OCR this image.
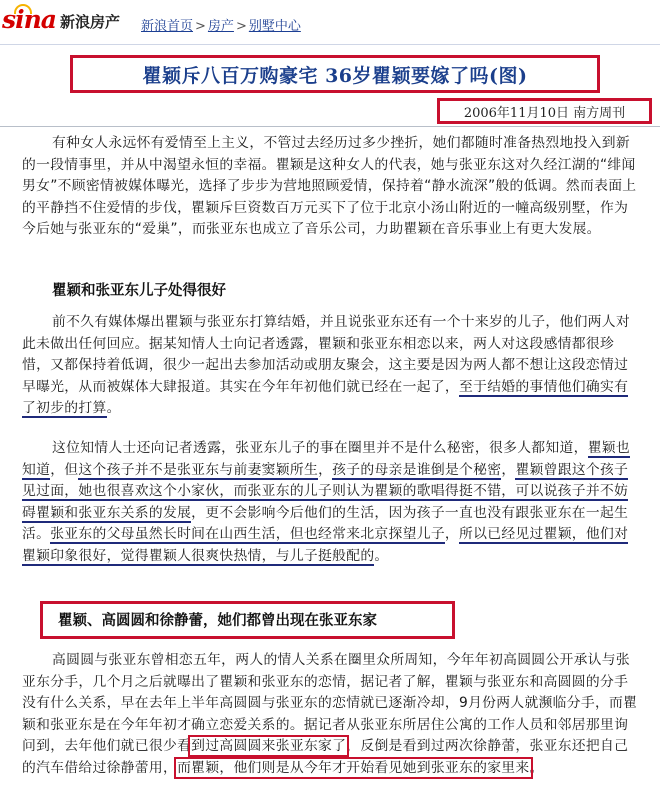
sina 新浪房产 新浪首页 > 房产 > 别墅中心
瞿颖斥八百万购豪宅 36岁瞿颖要嫁了吗(图)
2006年11月10日 南方周刊

有种女人永远怀有爱情至上主义，不管过去经历过多少挫折，她们都随时准备热烈地投入到新的一段情事里，并从中渴望永恒的幸福。瞿颖是这种女人的代表，她与张亚东这对久经江湖的“绯闻男女”不顾密情被媒体曝光，选择了步步为营地照顾爱情，保持着“静水流深”般的低调。然而表面上的平静挡不住爱情的步伐，瞿颖斥巨资数百万元买下了位于北京小汤山附近的一幢高级别墅，作为今后她与张亚东的“爱巢”，而张亚东也成立了音乐公司，力助瞿颖在音乐事业上有更大发展。

瞿颖和张亚东儿子处得很好

前不久有媒体爆出瞿颖与张亚东打算结婚，并且说张亚东还有一个十来岁的儿子，他们两人对此未做出任何回应。据某知情人士向记者透露，瞿颖和张亚东相恋以来，两人对这段感情都很珍惜，又都保持着低调，很少一起出去参加活动或朋友聚会，这主要是因为两人都不想让这段恋情过早曝光，从而被媒体大肆报道。其实在今年年初他们就已经在一起了，至于结婚的事情他们确实有了初步的打算。

这位知情人士还向记者透露，张亚东儿子的事在圈里并不是什么秘密，很多人都知道，瞿颖也知道，但这个孩子并不是张亚东与前妻窦颖所生，孩子的母亲是谁倒是个秘密，瞿颖曾跟这个孩子见过面，她也很喜欢这个小家伙，而张亚东的儿子则认为瞿颖的歌唱得挺不错，可以说孩子并不妨碍瞿颖和张亚东关系的发展，更不会影响今后他们的生活，因为孩子一直也没有跟张亚东在一起生活。张亚东的父母虽然长时间在山西生活，但也经常来北京探望儿子，所以已经见过瞿颖，他们对瞿颖印象很好，觉得瞿颖人很爽快热情，与儿子挺般配的。

瞿颖、高圆圆和徐静蕾，她们都曾出现在张亚东家

高圆圆与张亚东曾相恋五年，两人的情人关系在圈里众所周知，今年年初高圆圆公开承认与张亚东分手，几个月之后就曝出了瞿颖和张亚东的恋情，据记者了解，瞿颖与张亚东和高圆圆的分手没有什么关系，早在去年上半年高圆圆与张亚东的恋情就已逐渐冷却，9月份两人就濒临分手，而瞿颖和张亚东是在今年年初才确立恋爱关系的。据记者从张亚东所居住公寓的工作人员和邻居那里询问到，去年他们就已很少看到过高圆圆来张亚东家了，反倒是看到过两次徐静蕾，张亚东还把自己的汽车借给过徐静蕾用，而瞿颖，他们则是从今年才开始看见她到张亚东的家里来。
